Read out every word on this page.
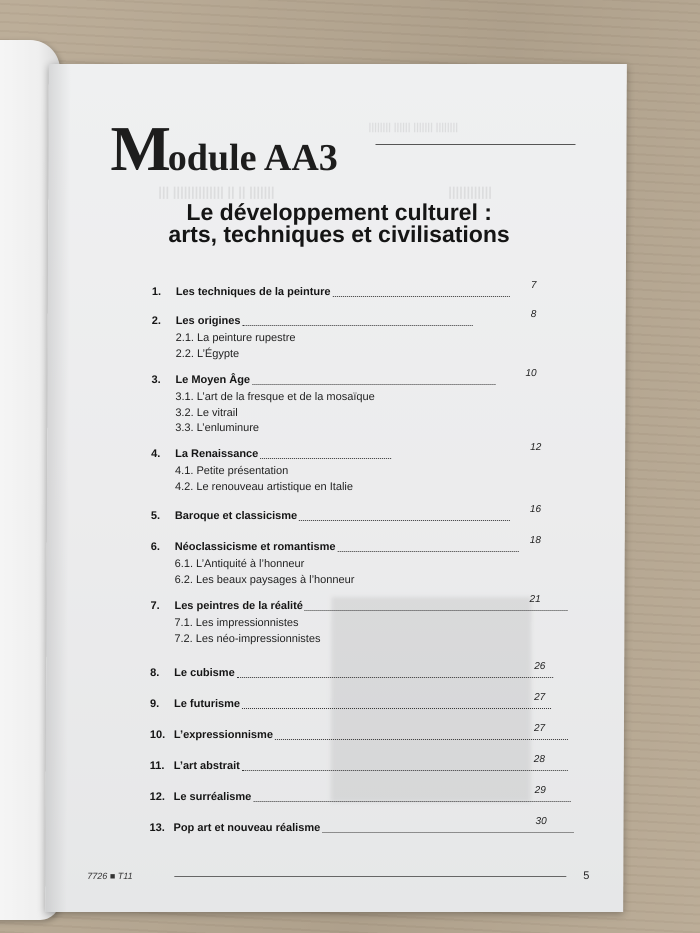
|||||||| |||||| ||||||| ||||||||
||||||||||||
||| |||||||||||||| || || |||||||
Module AA3
Le développement culturel :
arts, techniques et civilisations
1. Les techniques de la peinture
7
2. Les origines
8
2.1. La peinture rupestre
2.2. L’Égypte
3. Le Moyen Âge
10
3.1. L’art de la fresque et de la mosaïque
3.2. Le vitrail
3.3. L’enluminure
4. La Renaissance
12
4.1. Petite présentation
4.2. Le renouveau artistique en Italie
5. Baroque et classicisme
16
6. Néoclassicisme et romantisme
18
6.1. L’Antiquité à l’honneur
6.2. Les beaux paysages à l’honneur
7. Les peintres de la réalité
21
7.1. Les impressionnistes
7.2. Les néo-impressionnistes
8. Le cubisme
26
9. Le futurisme
27
10. L’expressionnisme
27
11. L’art abstrait
28
12. Le surréalisme
29
13. Pop art et nouveau réalisme
30
7726 ■ T11	5
